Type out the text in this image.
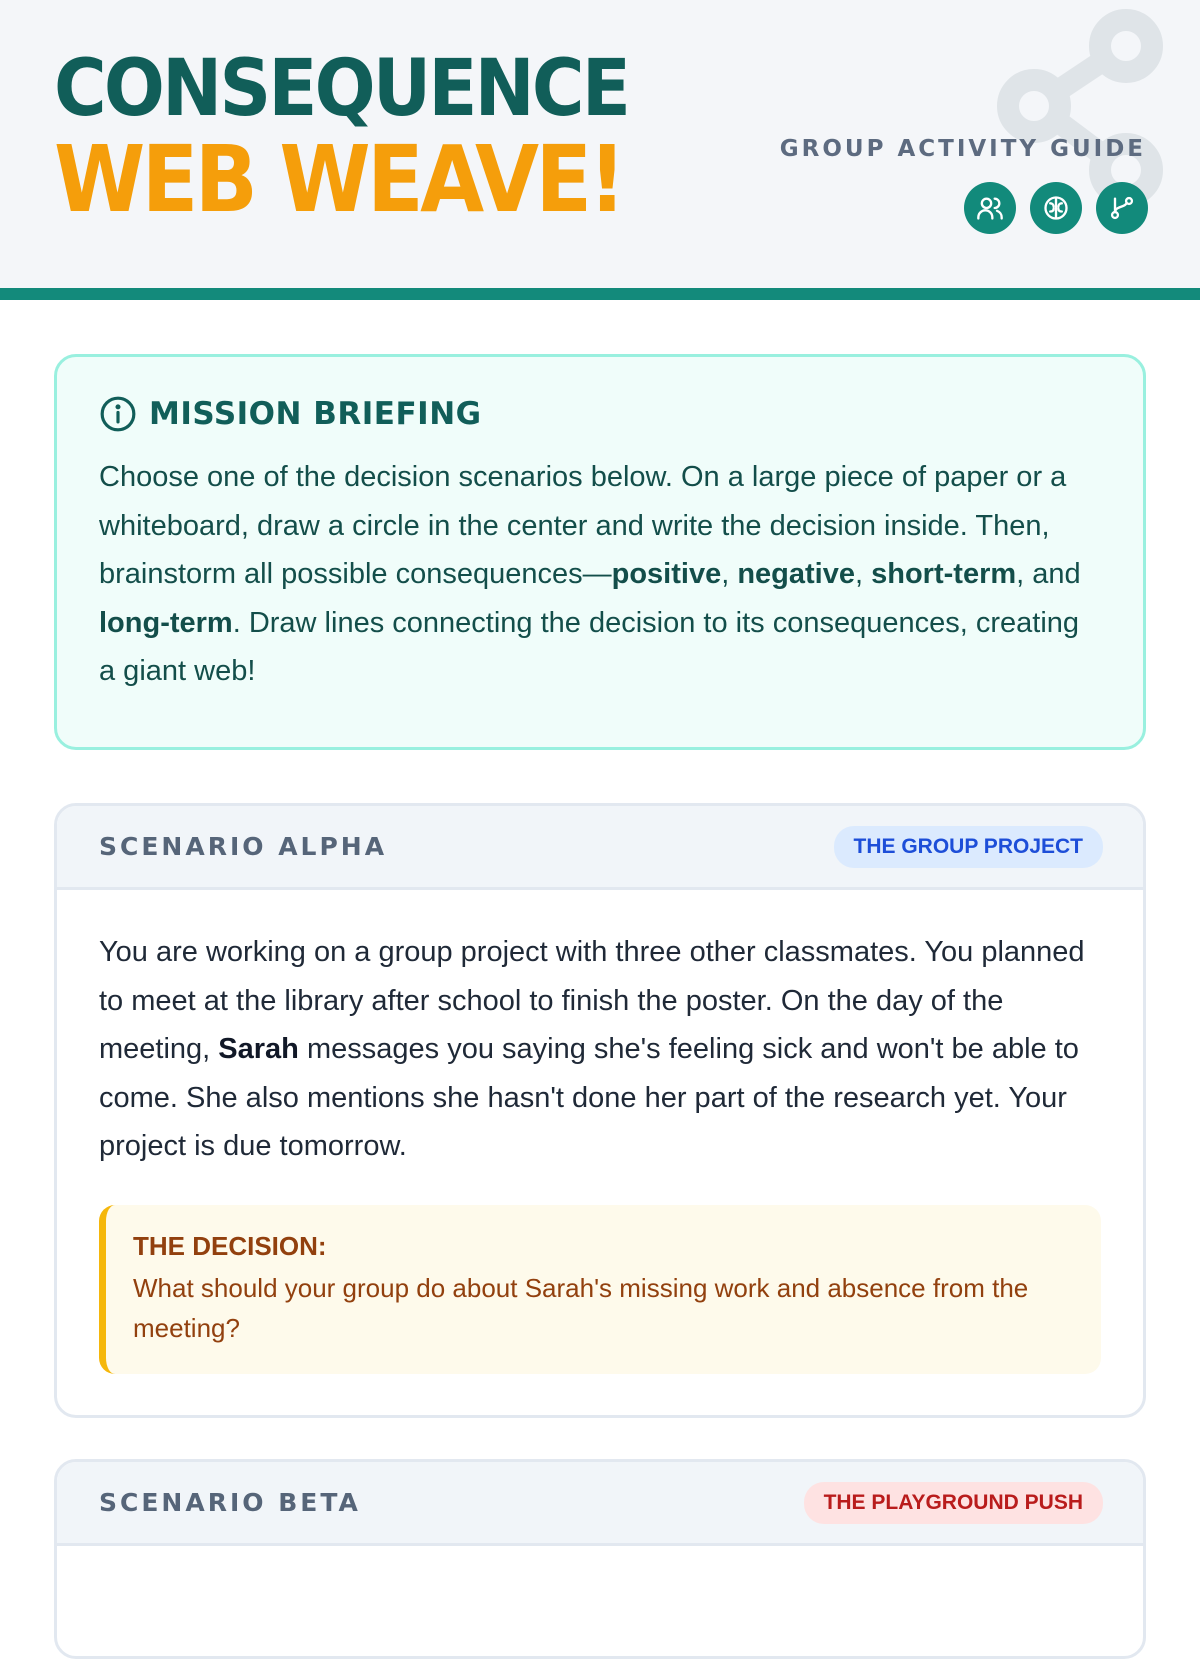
CONSEQUENCE
WEB WEAVE!	GROUP ACTIVITY GUIDE
MISSION BRIEFING

Choose one of the decision scenarios below. On a large piece of paper or a whiteboard, draw a circle in the center and write the decision inside. Then, brainstorm all possible consequences—positive, negative, short-term, and long-term. Draw lines connecting the decision to its consequences, creating a giant web!

SCENARIO ALPHA	THE GROUP PROJECT

You are working on a group project with three other classmates. You planned to meet at the library after school to finish the poster. On the day of the meeting, Sarah messages you saying she's feeling sick and won't be able to come. She also mentions she hasn't done her part of the research yet. Your project is due tomorrow.

THE DECISION:
What should your group do about Sarah's missing work and absence from the meeting?
SCENARIO BETA	THE PLAYGROUND PUSH
